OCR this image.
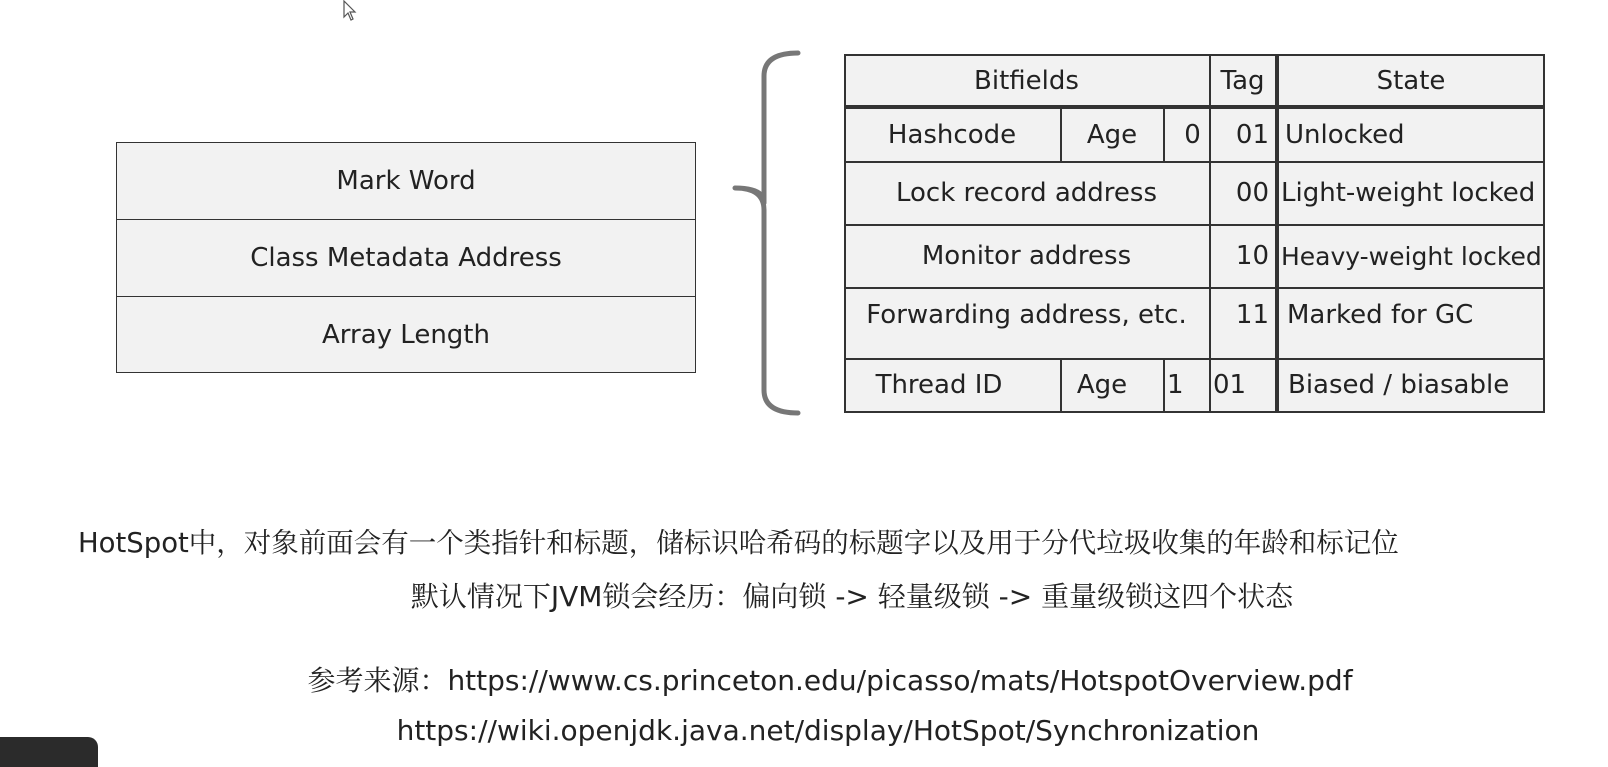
Mark Word
Class Metadata Address
Array Length
Bitfields	Tag	State
Hashcode	Age	0	01 Unlocked
Lock record address	00 Light-weight locked
Monitor address	10 Heavy-weight locked
Forwarding address, etc.	11 Marked for GC
Thread ID	Age	1	01	Biased / biasable
HotSpot中，对象前面会有一个类指针和标题，储标识哈希码的标题字以及用于分代垃圾收集的年龄和标记位
默认情况下JVM锁会经历：偏向锁 -> 轻量级锁 -> 重量级锁这四个状态
参考来源：https://www.cs.princeton.edu/picasso/mats/HotspotOverview.pdf
https://wiki.openjdk.java.net/display/HotSpot/Synchronization
